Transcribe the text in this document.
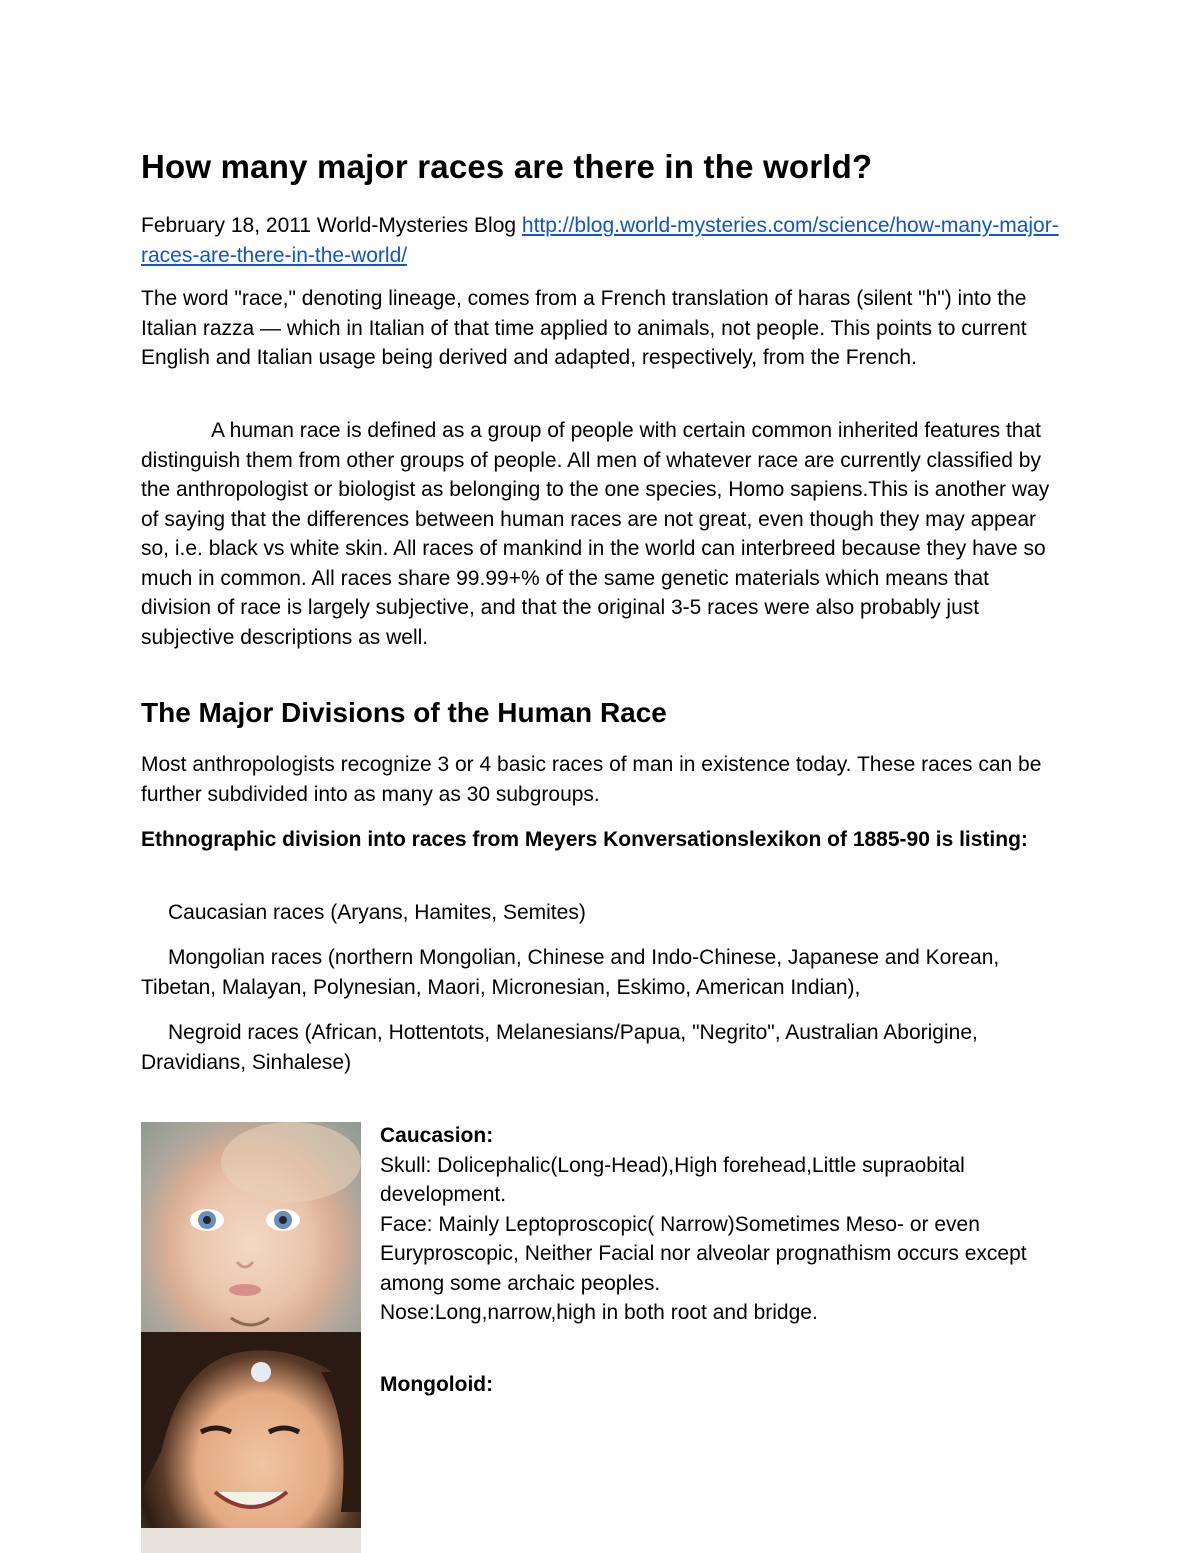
How many major races are there in the world?

February 18, 2011 World-Mysteries Blog http://blog.world-mysteries.com/science/how-many-major-races-are-there-in-the-world/

The word "race," denoting lineage, comes from a French translation of haras (silent "h") into the Italian razza — which in Italian of that time applied to animals, not people. This points to current English and Italian usage being derived and adapted, respectively, from the French.

A human race is defined as a group of people with certain common inherited features that distinguish them from other groups of people. All men of whatever race are currently classified by the anthropologist or biologist as belonging to the one species, Homo sapiens.This is another way of saying that the differences between human races are not great, even though they may appear so, i.e. black vs white skin. All races of mankind in the world can interbreed because they have so much in common. All races share 99.99+% of the same genetic materials which means that division of race is largely subjective, and that the original 3-5 races were also probably just subjective descriptions as well.

The Major Divisions of the Human Race

Most anthropologists recognize 3 or 4 basic races of man in existence today. These races can be further subdivided into as many as 30 subgroups.

Ethnographic division into races from Meyers Konversationslexikon of 1885-90 is listing:

Caucasian races (Aryans, Hamites, Semites)

Mongolian races (northern Mongolian, Chinese and Indo-Chinese, Japanese and Korean, Tibetan, Malayan, Polynesian, Maori, Micronesian, Eskimo, American Indian),

Negroid races (African, Hottentots, Melanesians/Papua, "Negrito", Australian Aborigine, Dravidians, Sinhalese)

Caucasion:

Skull: Dolicephalic(Long-Head),High forehead,Little supraobital development.

Face: Mainly Leptoproscopic( Narrow)Sometimes Meso- or even Euryproscopic, Neither Facial nor alveolar prognathism occurs except among some archaic peoples.

Nose:Long,narrow,high in both root and bridge.

Mongoloid:
